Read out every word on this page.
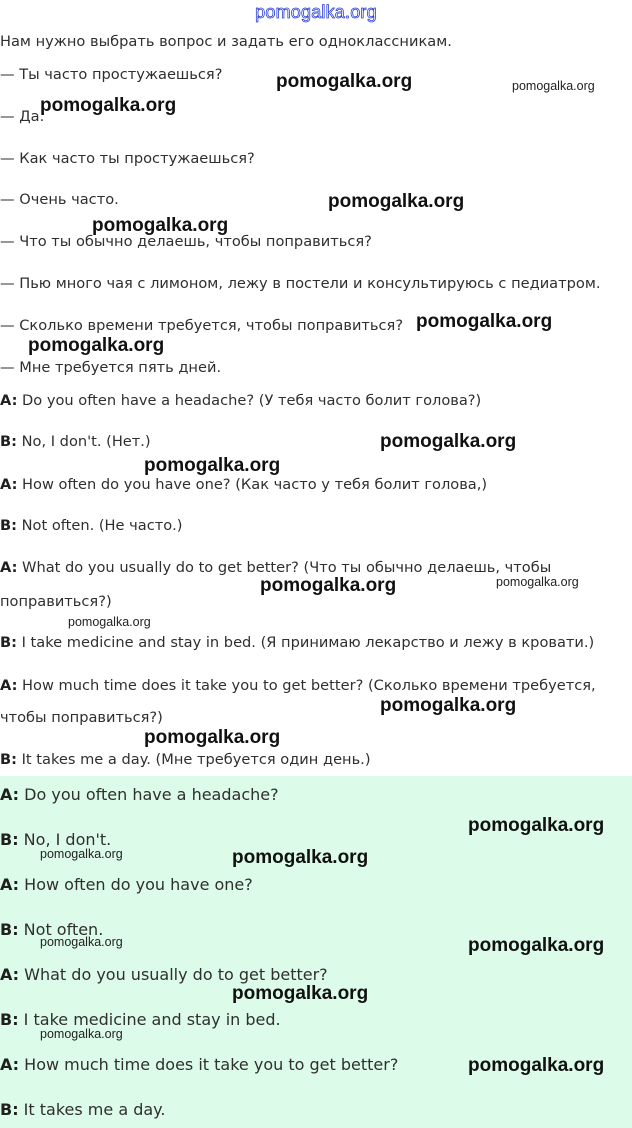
pomogalka.org
Нам нужно выбрать вопрос и задать его одноклассникам.
— Ты часто простужаешься?
— Да.
— Как часто ты простужаешься?
— Очень часто.
— Что ты обычно делаешь, чтобы поправиться?
— Пью много чая с лимоном, лежу в постели и консультируюсь с педиатром.
— Сколько времени требуется, чтобы поправиться?
— Мне требуется пять дней.
A: Do you often have a headache? (У тебя часто болит голова?)
B: No, I don't. (Нет.)
A: How often do you have one? (Как часто у тебя болит голова,)
B: Not often. (Не часто.)
A: What do you usually do to get better? (Что ты обычно делаешь, чтобы
поправиться?)
B: I take medicine and stay in bed. (Я принимаю лекарство и лежу в кровати.)
A: How much time does it take you to get better? (Сколько времени требуется,
чтобы поправиться?)
B: It takes me a day. (Мне требуется один день.)
A: Do you often have a headache?
B: No, I don't.
A: How often do you have one?
B: Not often.
A: What do you usually do to get better?
B: I take medicine and stay in bed.
A: How much time does it take you to get better?
B: It takes me a day.
pomogalka.org	pomogalka.org
pomogalka.org
pomogalka.org
pomogalka.org
pomogalka.org
pomogalka.org
pomogalka.org
pomogalka.org
pomogalka.org
pomogalka.org
pomogalka.org
pomogalka.org
pomogalka.org
pomogalka.org
pomogalka.org	pomogalka.org
pomogalka.org	pomogalka.org
pomogalka.org
pomogalka.org
pomogalka.org
